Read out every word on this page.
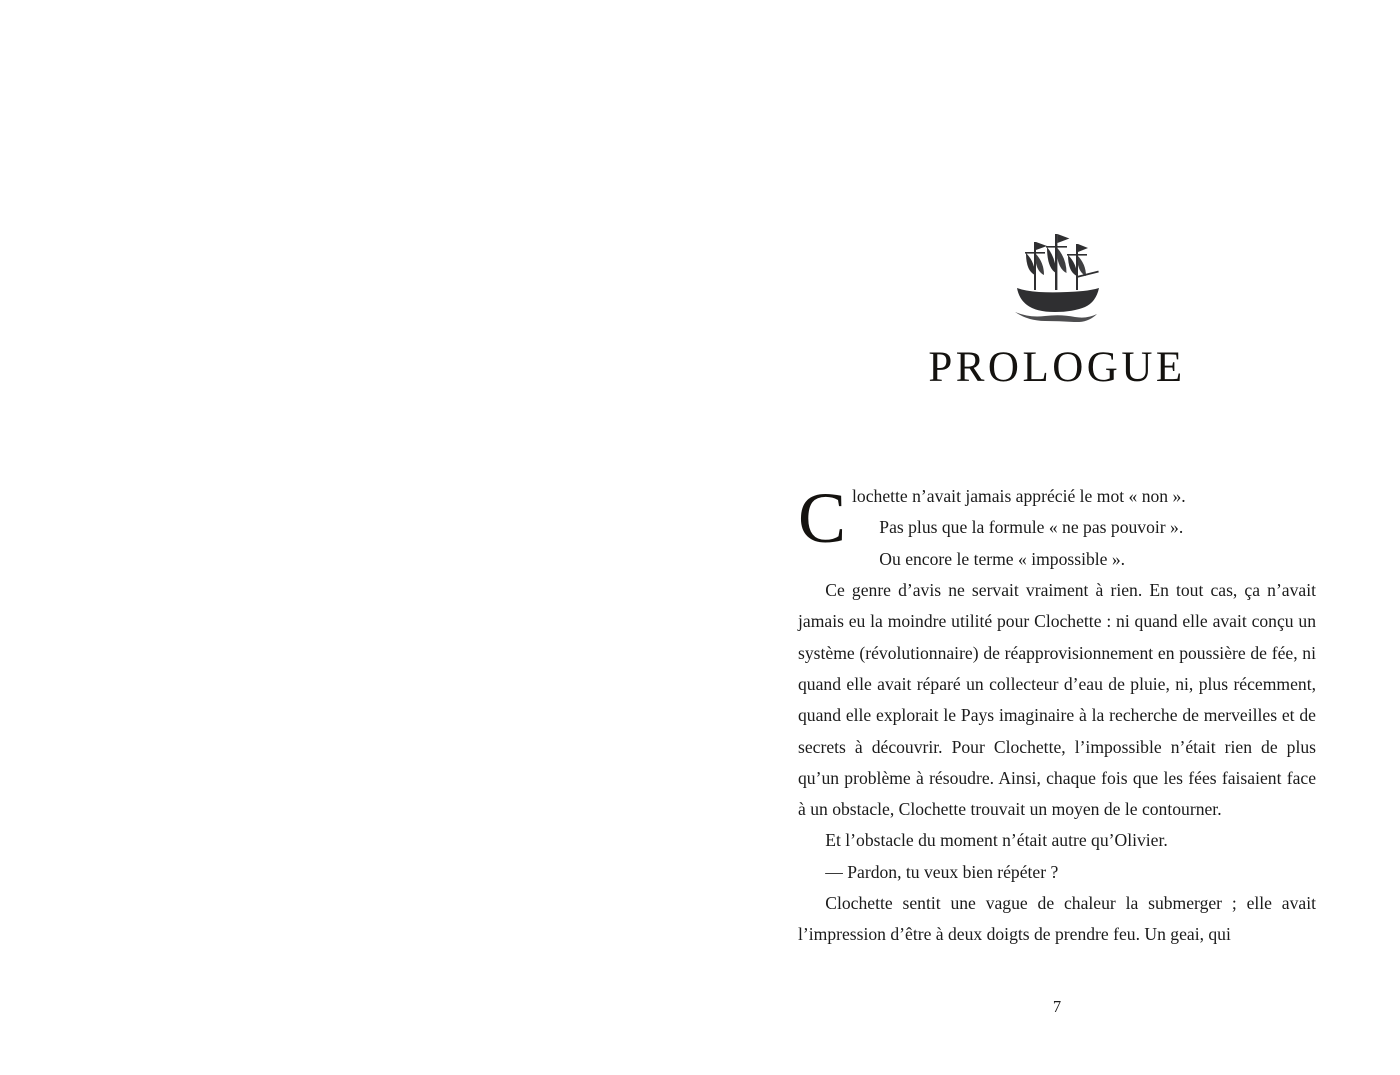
PROLOGUE

Clochette n’avait jamais apprécié le mot « non ».

Pas plus que la formule « ne pas pouvoir ».

Ou encore le terme « impossible ».

Ce genre d’avis ne servait vraiment à rien. En tout cas, ça n’avait jamais eu la moindre utilité pour Clochette : ni quand elle avait conçu un système (révolutionnaire) de réapprovisionnement en poussière de fée, ni quand elle avait réparé un collecteur d’eau de pluie, ni, plus récemment, quand elle explorait le Pays imaginaire à la recherche de merveilles et de secrets à découvrir. Pour Clochette, l’impossible n’était rien de plus qu’un problème à résoudre. Ainsi, chaque fois que les fées faisaient face à un obstacle, Clochette trouvait un moyen de le contourner.

Et l’obstacle du moment n’était autre qu’Olivier.

— Pardon, tu veux bien répéter ?

Clochette sentit une vague de chaleur la submerger ; elle avait l’impression d’être à deux doigts de prendre feu. Un geai, qui

7
